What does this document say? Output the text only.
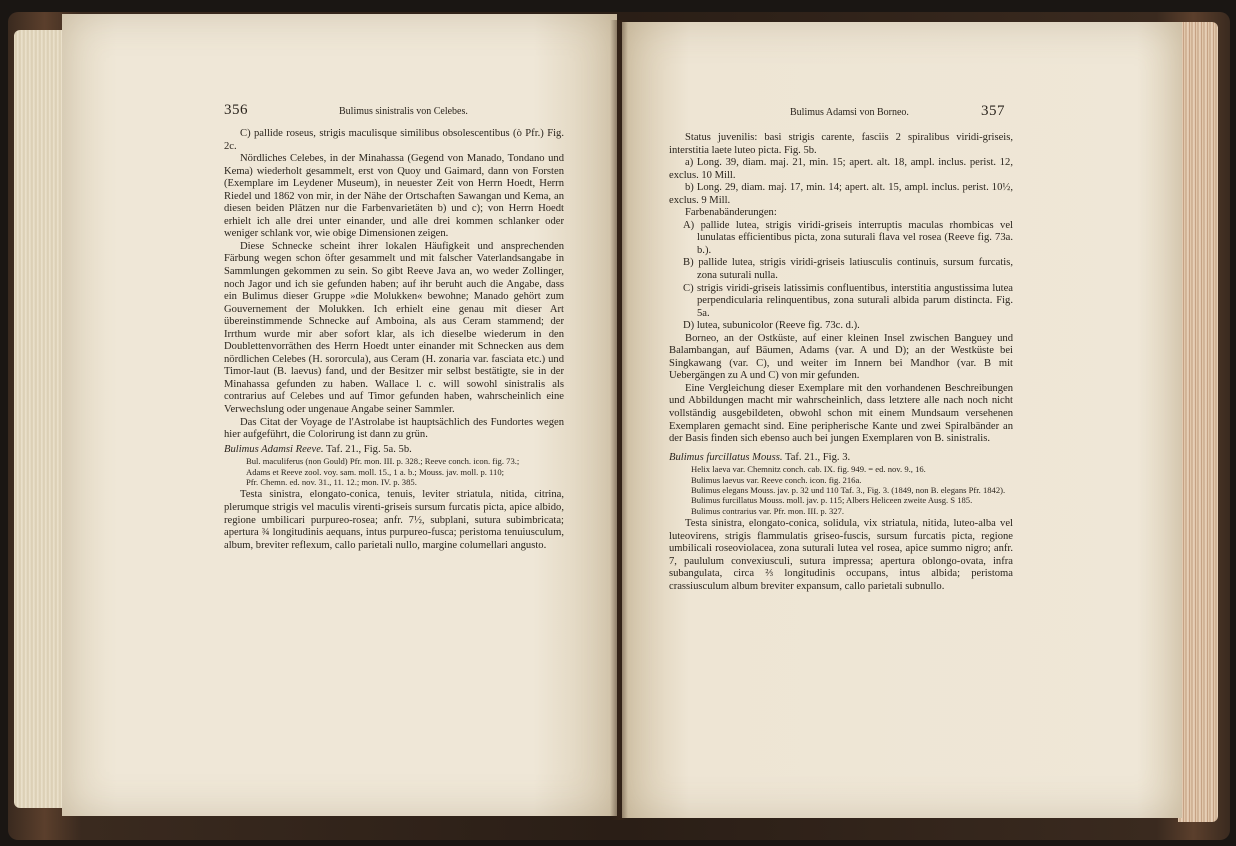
356	Bulimus sinistralis von Celebes.

C) pallide roseus, strigis maculisque similibus obsolescentibus (ò Pfr.) Fig. 2c.

Nördliches Celebes, in der Minahassa (Gegend von Manado, Tondano und Kema) wiederholt gesammelt, erst von Quoy und Gaimard, dann von Forsten (Exemplare im Leydener Museum), in neuester Zeit von Herrn Hoedt, Herrn Riedel und 1862 von mir, in der Nähe der Ortschaften Sawangan und Kema, an diesen beiden Plätzen nur die Farbenvarietäten b) und c); von Herrn Hoedt erhielt ich alle drei unter einander, und alle drei kommen schlanker oder weniger schlank vor, wie obige Dimensionen zeigen.

Diese Schnecke scheint ihrer lokalen Häufigkeit und ansprechenden Färbung wegen schon öfter gesammelt und mit falscher Vaterlandsangabe in Sammlungen gekommen zu sein. So gibt Reeve Java an, wo weder Zollinger, noch Jagor und ich sie gefunden haben; auf ihr beruht auch die Angabe, dass ein Bulimus dieser Gruppe »die Molukken« bewohne; Manado gehört zum Gouvernement der Molukken. Ich erhielt eine genau mit dieser Art übereinstimmende Schnecke auf Amboina, als aus Ceram stammend; der Irrthum wurde mir aber sofort klar, als ich dieselbe wiederum in den Doublettenvorräthen des Herrn Hoedt unter einander mit Schnecken aus dem nördlichen Celebes (H. sororcula), aus Ceram (H. zonaria var. fasciata etc.) und Timor-laut (B. laevus) fand, und der Besitzer mir selbst bestätigte, sie in der Minahassa gefunden zu haben. Wallace l. c. will sowohl sinistralis als contrarius auf Celebes und auf Timor gefunden haben, wahrscheinlich eine Verwechslung oder ungenaue Angabe seiner Sammler.

Das Citat der Voyage de l'Astrolabe ist hauptsächlich des Fundortes wegen hier aufgeführt, die Colorirung ist dann zu grün.

Bulimus Adamsi Reeve. Taf. 21., Fig. 5a. 5b.

Bul. maculiferus (non Gould) Pfr. mon. III. p. 328.; Reeve conch. icon. fig. 73.;

Adams et Reeve zool. voy. sam. moll. 15., 1 a. b.; Mouss. jav. moll. p. 110;

Pfr. Chemn. ed. nov. 31., 11. 12.; mon. IV. p. 385.

Testa sinistra, elongato-conica, tenuis, leviter striatula, nitida, citrina, plerumque strigis vel maculis virenti-griseis sursum furcatis picta, apice albido, regione umbilicari purpureo-rosea; anfr. 7½, subplani, sutura subimbricata; apertura ¾ longitudinis aequans, intus purpureo-fusca; peristoma tenuiusculum, album, breviter reflexum, callo parietali nullo, margine columellari angusto.

Bulimus Adamsi von Borneo.	357

Status juvenilis: basi strigis carente, fasciis 2 spiralibus viridi-griseis, interstitia laete luteo picta. Fig. 5b.

a) Long. 39, diam. maj. 21, min. 15; apert. alt. 18, ampl. inclus. perist. 12, exclus. 10 Mill.

b) Long. 29, diam. maj. 17, min. 14; apert. alt. 15, ampl. inclus. perist. 10½, exclus. 9 Mill.

Farbenabänderungen:

A) pallide lutea, strigis viridi-griseis interruptis maculas rhombicas vel lunulatas efficientibus picta, zona suturali flava vel rosea (Reeve fig. 73a. b.).

B) pallide lutea, strigis viridi-griseis latiusculis continuis, sursum furcatis, zona suturali nulla.

C) strigis viridi-griseis latissimis confluentibus, interstitia angustissima lutea perpendicularia relinquentibus, zona suturali albida parum distincta. Fig. 5a.

D) lutea, subunicolor (Reeve fig. 73c. d.).

Borneo, an der Ostküste, auf einer kleinen Insel zwischen Banguey und Balambangan, auf Bäumen, Adams (var. A und D); an der Westküste bei Singkawang (var. C), und weiter im Innern bei Mandhor (var. B mit Uebergängen zu A und C) von mir gefunden.

Eine Vergleichung dieser Exemplare mit den vorhandenen Beschreibungen und Abbildungen macht mir wahrscheinlich, dass letztere alle nach noch nicht vollständig ausgebildeten, obwohl schon mit einem Mundsaum versehenen Exemplaren gemacht sind. Eine peripherische Kante und zwei Spiralbänder an der Basis finden sich ebenso auch bei jungen Exemplaren von B. sinistralis.

Bulimus furcillatus Mouss. Taf. 21., Fig. 3.

Helix laeva var. Chemnitz conch. cab. IX. fig. 949. = ed. nov. 9., 16.

Bulimus laevus var. Reeve conch. icon. fig. 216a.

Bulimus elegans Mouss. jav. p. 32 und 110 Taf. 3., Fig. 3. (1849, non B. elegans Pfr. 1842).

Bulimus furcillatus Mouss. moll. jav. p. 115; Albers Heliceen zweite Ausg. S 185.

Bulimus contrarius var. Pfr. mon. III. p. 327.

Testa sinistra, elongato-conica, solidula, vix striatula, nitida, luteo-alba vel luteovirens, strigis flammulatis griseo-fuscis, sursum furcatis picta, regione umbilicali roseoviolacea, zona suturali lutea vel rosea, apice summo nigro; anfr. 7, paululum convexiusculi, sutura impressa; apertura oblongo-ovata, infra subangulata, circa ⅔ longitudinis occupans, intus albida; peristoma crassiusculum album breviter expansum, callo parietali subnullo.
